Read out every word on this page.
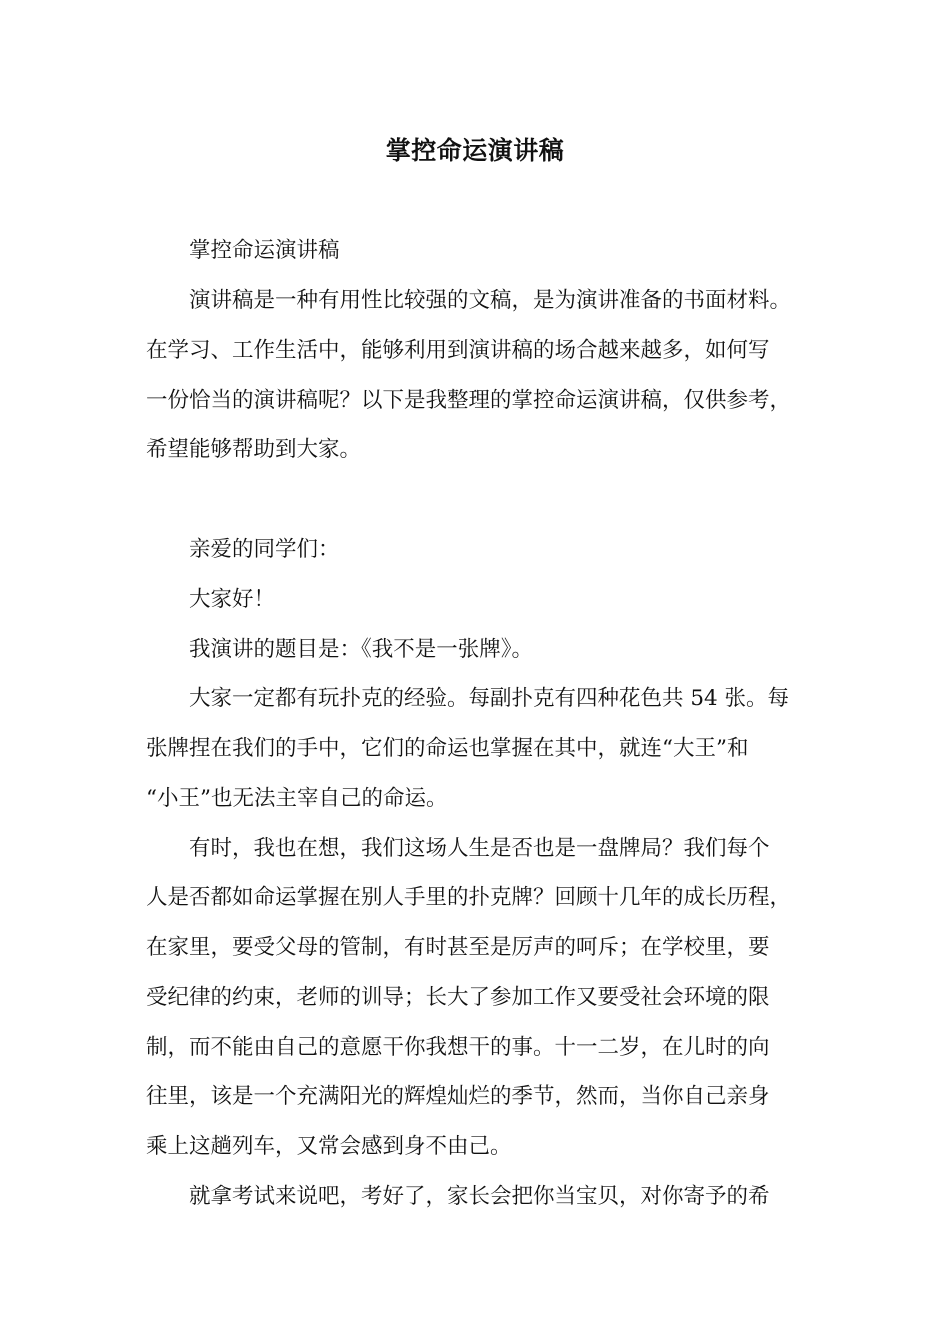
掌控命运演讲稿
掌控命运演讲稿
演讲稿是一种有用性比较强的文稿，是为演讲准备的书面材料。
在学习、工作生活中，能够利用到演讲稿的场合越来越多，如何写
一份恰当的演讲稿呢？以下是我整理的掌控命运演讲稿，仅供参考，
希望能够帮助到大家。
亲爱的同学们：
大家好！
我演讲的题目是：《我不是一张牌》。
大家一定都有玩扑克的经验。每副扑克有四种花色共 54 张。每
张牌捏在我们的手中，它们的命运也掌握在其中，就连“大王”和
“小王”也无法主宰自己的命运。
有时，我也在想，我们这场人生是否也是一盘牌局？我们每个
人是否都如命运掌握在别人手里的扑克牌？回顾十几年的成长历程，
在家里，要受父母的管制，有时甚至是厉声的呵斥；在学校里，要
受纪律的约束，老师的训导；长大了参加工作又要受社会环境的限
制，而不能由自己的意愿干你我想干的事。十一二岁，在儿时的向
往里，该是一个充满阳光的辉煌灿烂的季节，然而，当你自己亲身
乘上这趟列车，又常会感到身不由己。
就拿考试来说吧，考好了，家长会把你当宝贝，对你寄予的希
